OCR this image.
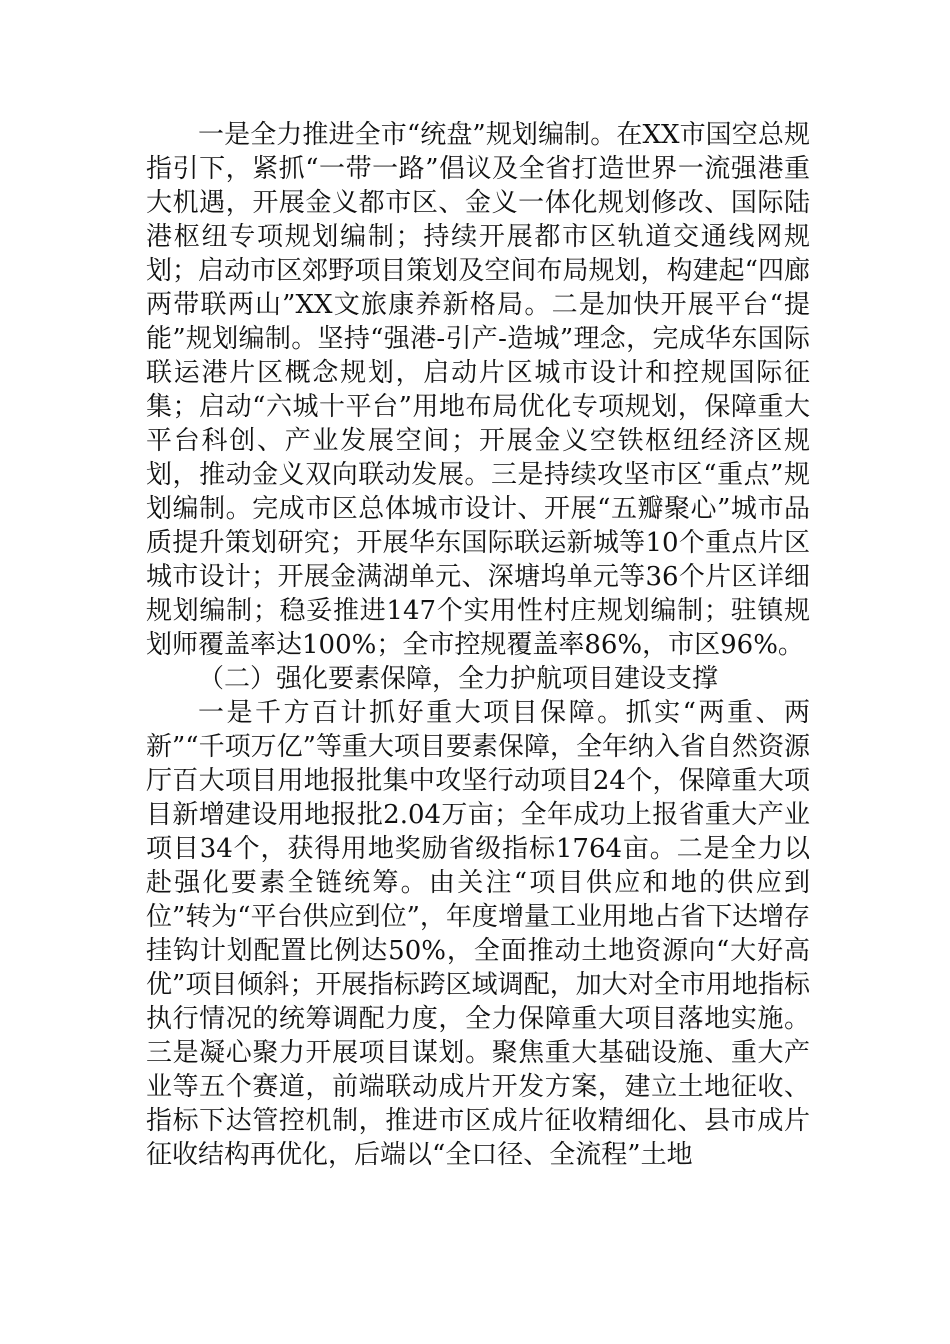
一是全力推进全市“统盘”规划编制。在XX市国空总规指引下，紧抓“一带一路”倡议及全省打造世界一流强港重大机遇，开展金义都市区、金义一体化规划修改、国际陆港枢纽专项规划编制；持续开展都市区轨道交通线网规划；启动市区郊野项目策划及空间布局规划，构建起“四廊两带联两山”XX文旅康养新格局。二是加快开展平台“提能”规划编制。坚持“强港-引产-造城”理念，完成华东国际联运港片区概念规划，启动片区城市设计和控规国际征集；启动“六城十平台”用地布局优化专项规划，保障重大平台科创、产业发展空间；开展金义空铁枢纽经济区规划，推动金义双向联动发展。三是持续攻坚市区“重点”规划编制。完成市区总体城市设计、开展“五瓣聚心”城市品质提升策划研究；开展华东国际联运新城等10个重点片区城市设计；开展金满湖单元、深塘坞单元等36个片区详细规划编制；稳妥推进147个实用性村庄规划编制；驻镇规划师覆盖率达100%；全市控规覆盖率86%，市区96%。

（二）强化要素保障，全力护航项目建设支撑

一是千方百计抓好重大项目保障。抓实“两重、两新”“千项万亿”等重大项目要素保障，全年纳入省自然资源厅百大项目用地报批集中攻坚行动项目24个，保障重大项目新增建设用地报批2.04万亩；全年成功上报省重大产业项目34个，获得用地奖励省级指标1764亩。二是全力以赴强化要素全链统筹。由关注“项目供应和地的供应到位”转为“平台供应到位”，年度增量工业用地占省下达增存挂钩计划配置比例达50%，全面推动土地资源向“大好高优”项目倾斜；开展指标跨区域调配，加大对全市用地指标执行情况的统筹调配力度，全力保障重大项目落地实施。三是凝心聚力开展项目谋划。聚焦重大基础设施、重大产业等五个赛道，前端联动成片开发方案，建立土地征收、指标下达管控机制，推进市区成片征收精细化、县市成片征收结构再优化，后端以“全口径、全流程”土地
